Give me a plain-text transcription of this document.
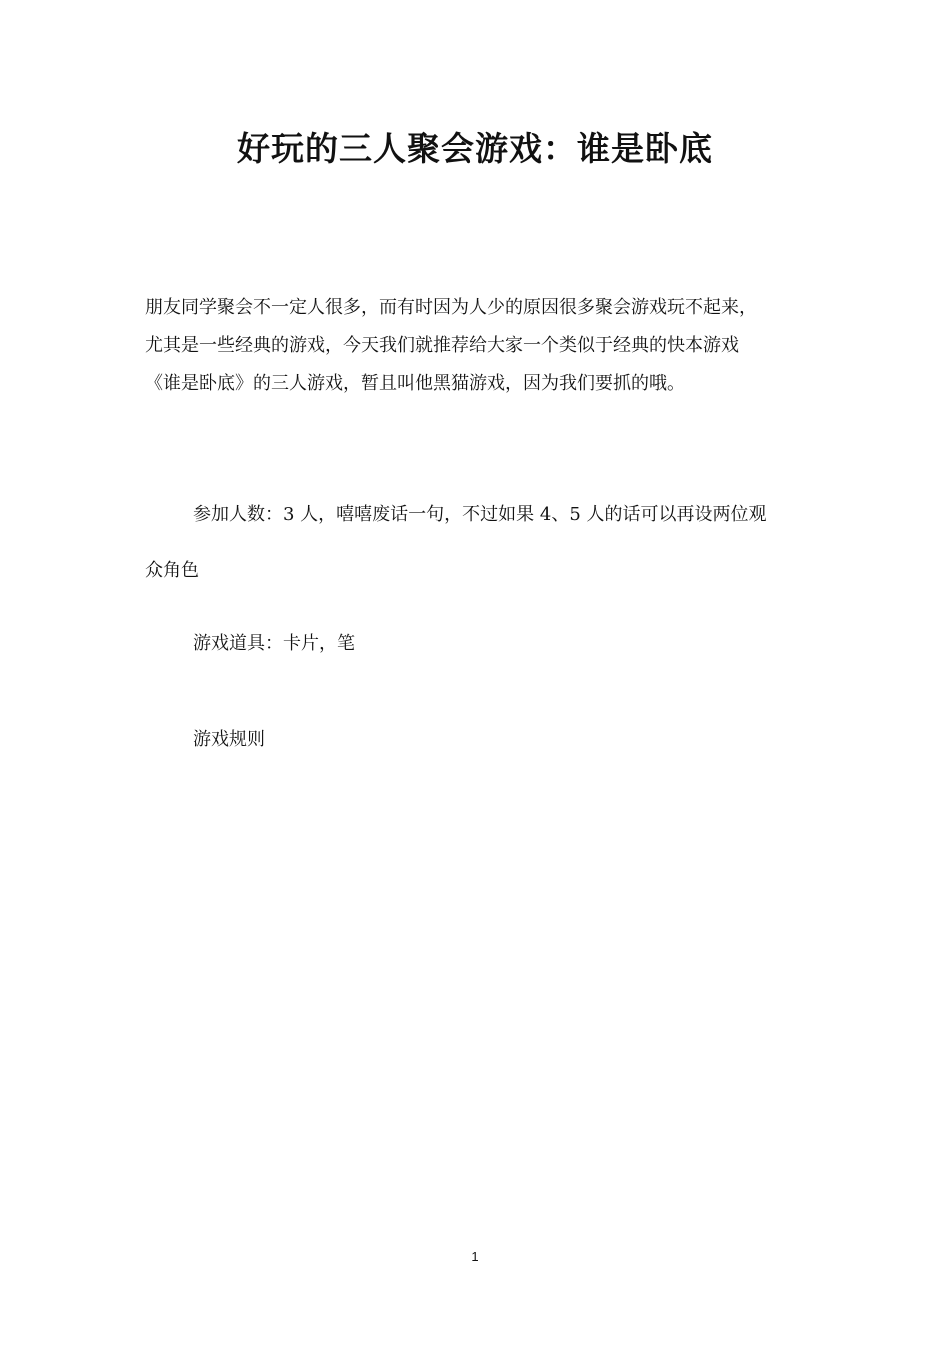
好玩的三人聚会游戏：谁是卧底
朋友同学聚会不一定人很多，而有时因为人少的原因很多聚会游戏玩不起来，
尤其是一些经典的游戏，今天我们就推荐给大家一个类似于经典的快本游戏
《谁是卧底》的三人游戏，暂且叫他黑猫游戏，因为我们要抓的哦。
参加人数：3 人，嘻嘻废话一句，不过如果 4、5 人的话可以再设两位观
众角色
游戏道具：卡片，笔
游戏规则
1
